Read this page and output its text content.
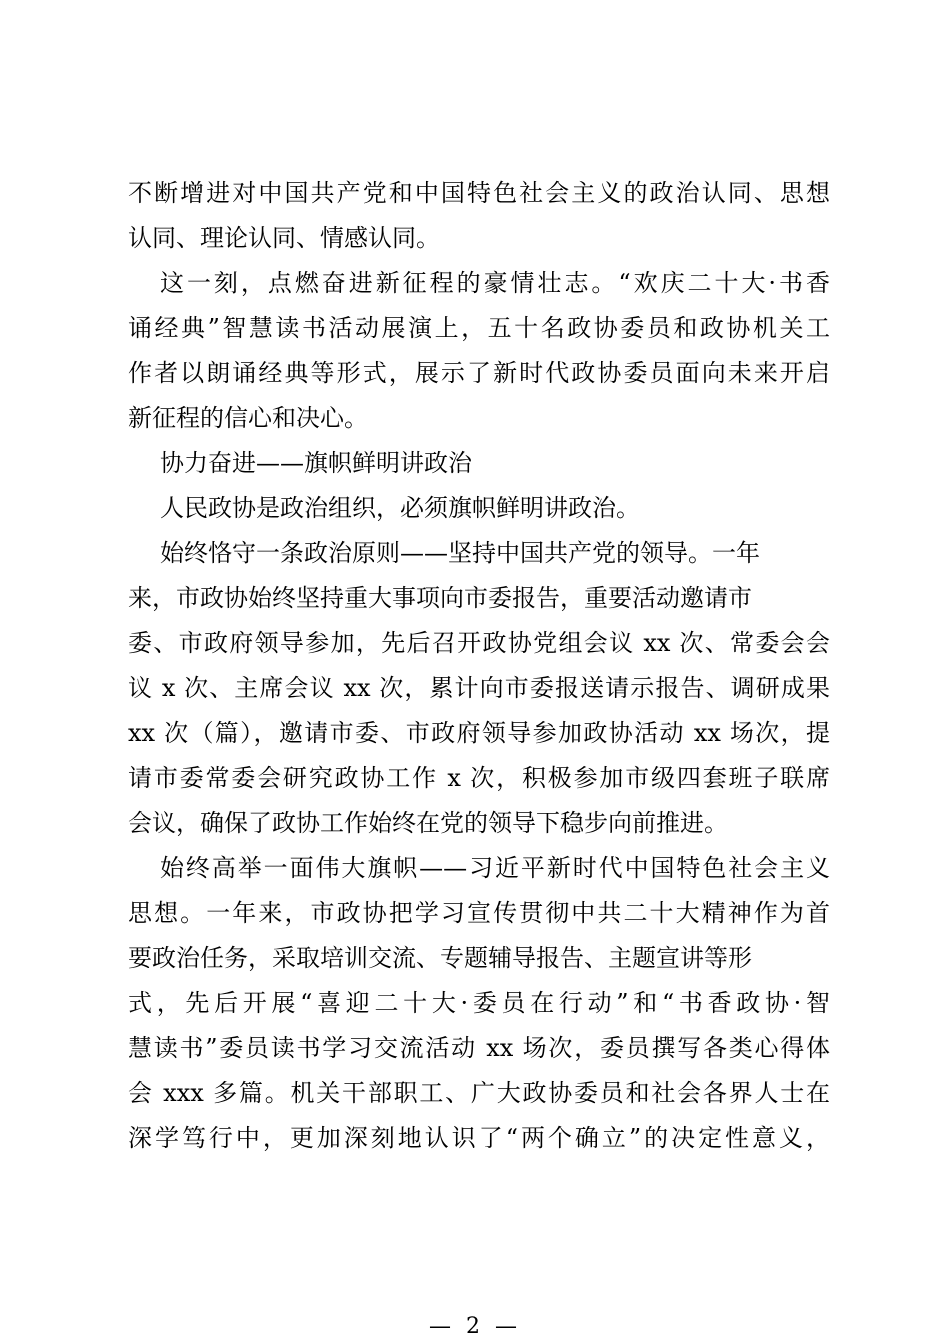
不断增进对中国共产党和中国特色社会主义的政治认同、思想
认同、理论认同、情感认同。
这一刻，点燃奋进新征程的豪情壮志。“欢庆二十大·书香
诵经典”智慧读书活动展演上，五十名政协委员和政协机关工
作者以朗诵经典等形式，展示了新时代政协委员面向未来开启
新征程的信心和决心。
协力奋进——旗帜鲜明讲政治
人民政协是政治组织，必须旗帜鲜明讲政治。
始终恪守一条政治原则——坚持中国共产党的领导。一年
来，市政协始终坚持重大事项向市委报告，重要活动邀请市
委、市政府领导参加，先后召开政协党组会议 xx 次、常委会会
议 x 次、主席会议 xx 次，累计向市委报送请示报告、调研成果
xx 次（篇），邀请市委、市政府领导参加政协活动 xx 场次，提
请市委常委会研究政协工作 x 次，积极参加市级四套班子联席
会议，确保了政协工作始终在党的领导下稳步向前推进。
始终高举一面伟大旗帜——习近平新时代中国特色社会主义
思想。一年来，市政协把学习宣传贯彻中共二十大精神作为首
要政治任务，采取培训交流、专题辅导报告、主题宣讲等形
式，先后开展“喜迎二十大·委员在行动”和“书香政协·智
慧读书”委员读书学习交流活动 xx 场次，委员撰写各类心得体
会 xxx 多篇。机关干部职工、广大政协委员和社会各界人士在
深学笃行中，更加深刻地认识了“两个确立”的决定性意义，
— 2 —
